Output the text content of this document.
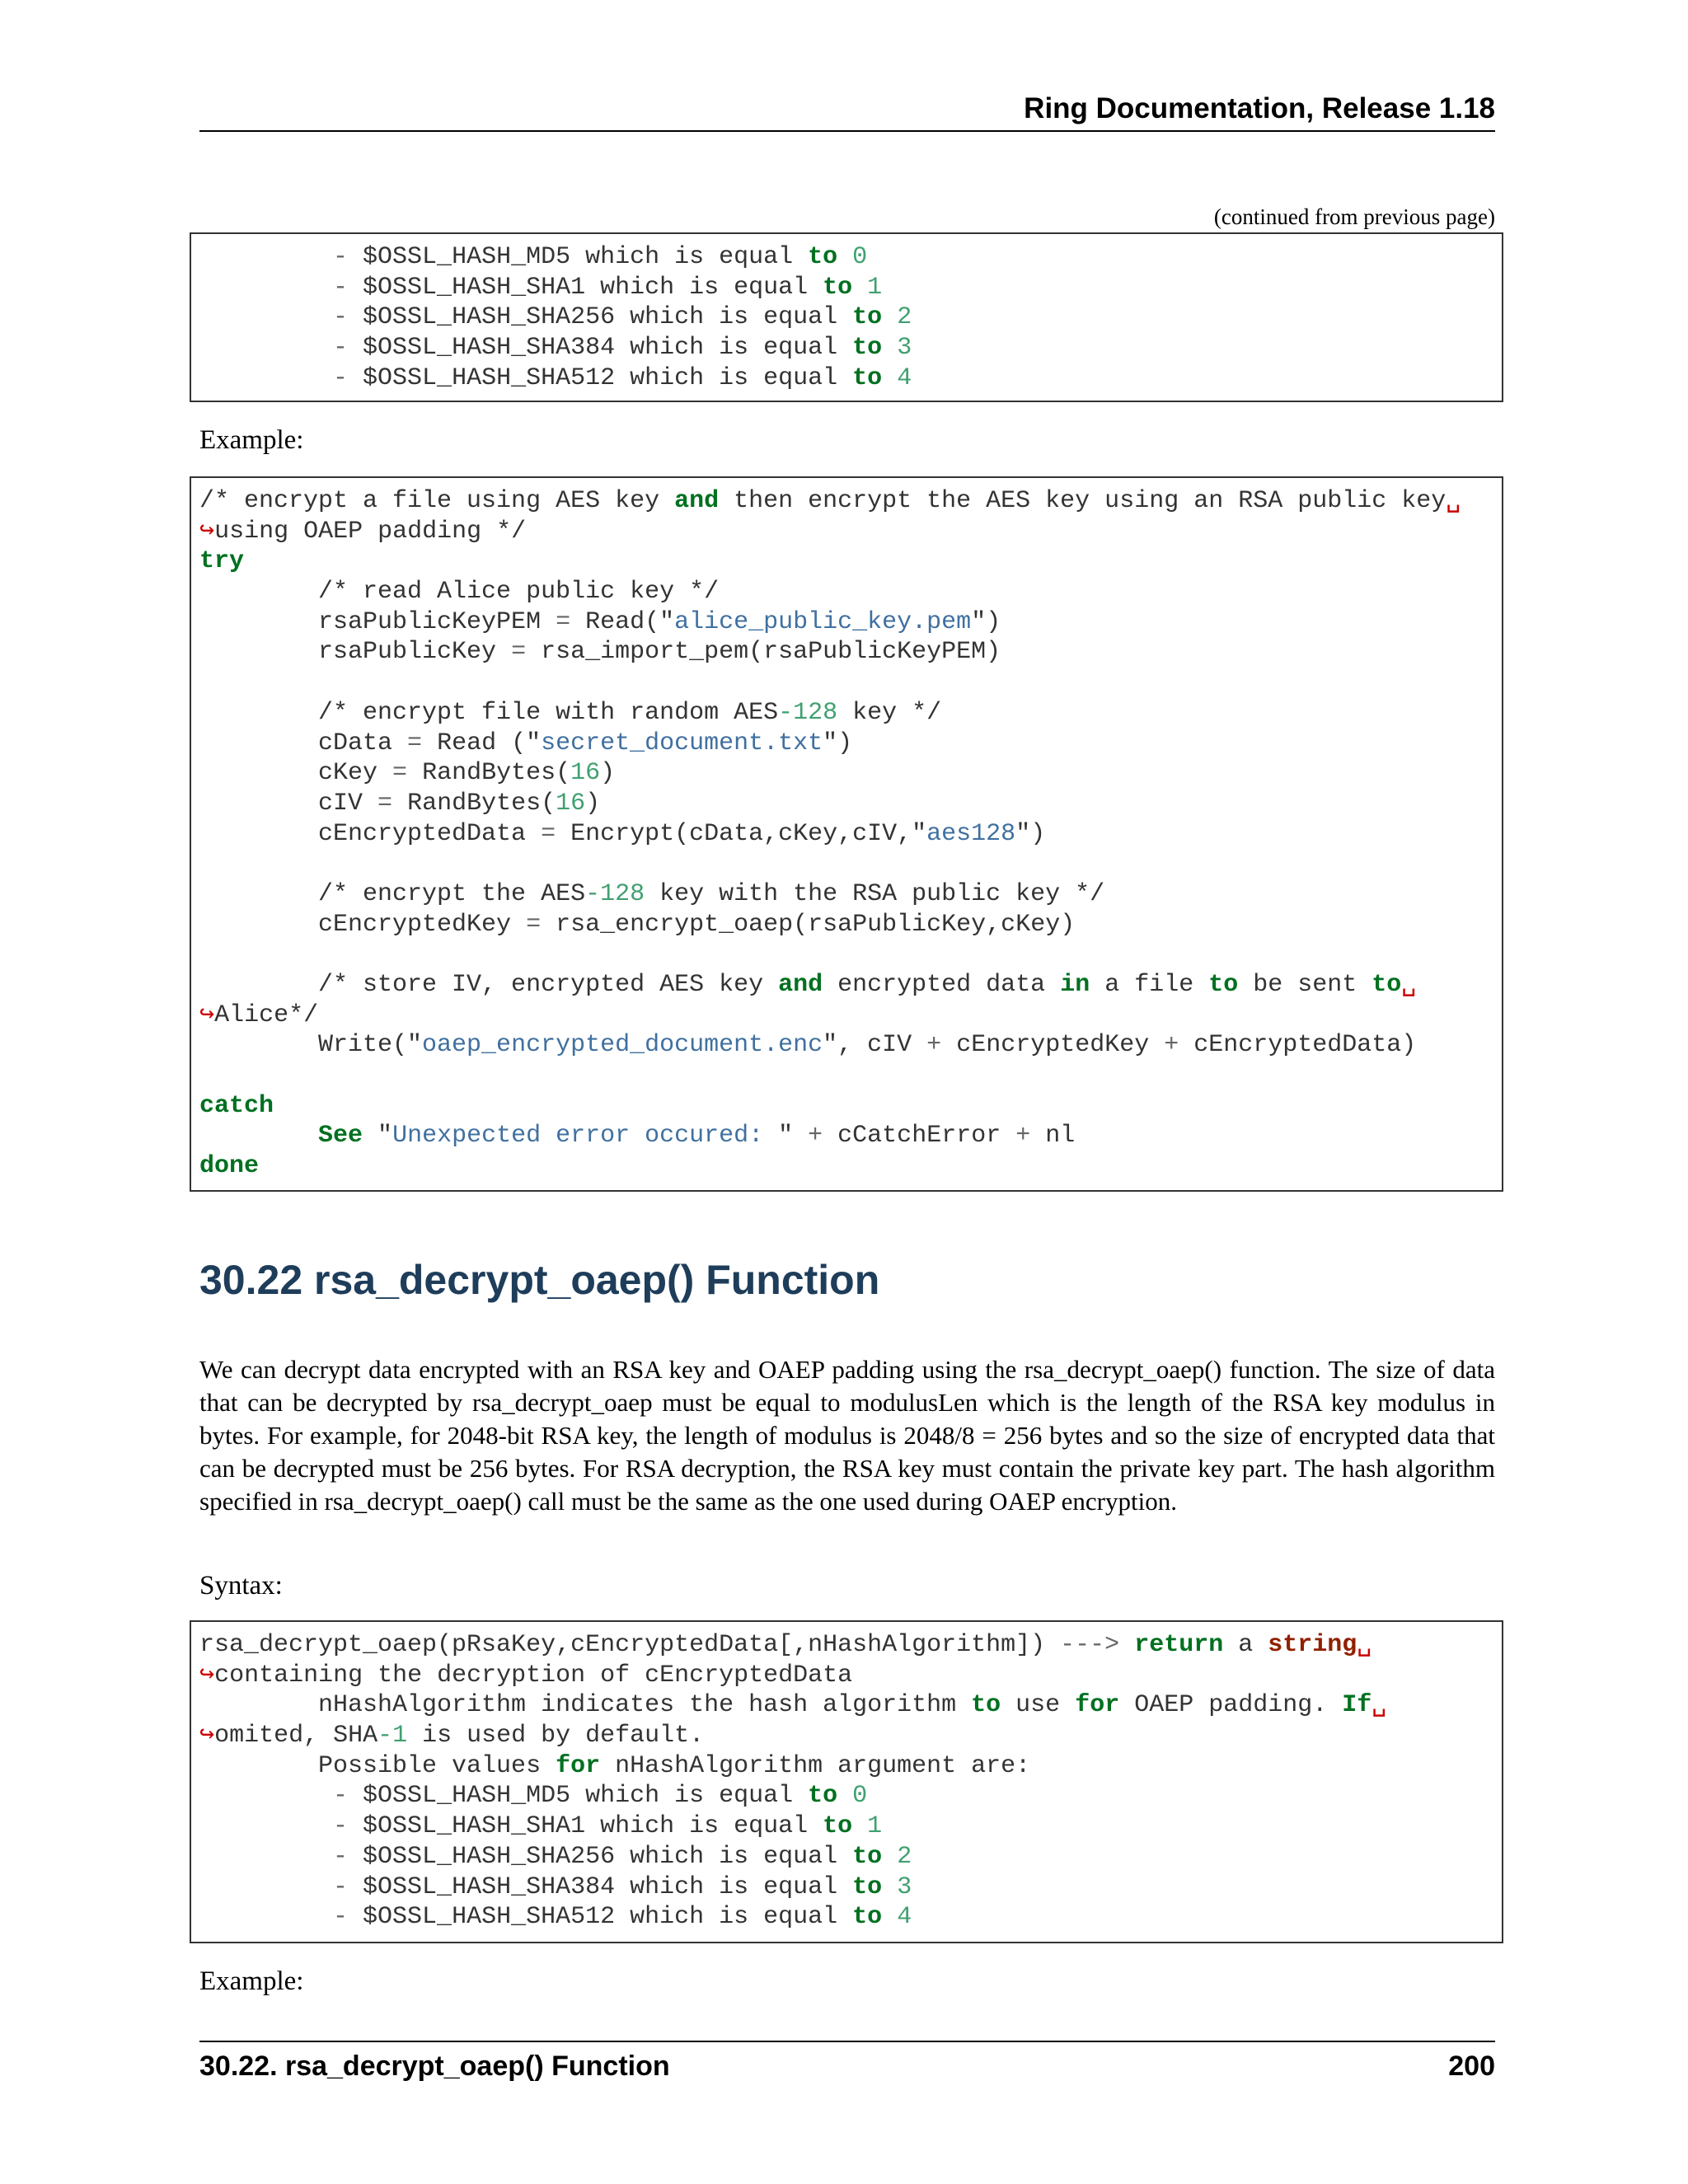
Ring Documentation, Release 1.18
(continued from previous page)
- $OSSL_HASH_MD5 which is equal to 0
- $OSSL_HASH_SHA1 which is equal to 1
- $OSSL_HASH_SHA256 which is equal to 2
- $OSSL_HASH_SHA384 which is equal to 3
- $OSSL_HASH_SHA512 which is equal to 4
Example:
/* encrypt a file using AES key and then encrypt the AES key using an RSA public key␣
↪using OAEP padding */
try
/* read Alice public key */
rsaPublicKeyPEM = Read("alice_public_key.pem")
rsaPublicKey = rsa_import_pem(rsaPublicKeyPEM)
/* encrypt file with random AES-128 key */
cData = Read ("secret_document.txt")
cKey = RandBytes(16)
cIV = RandBytes(16)
cEncryptedData = Encrypt(cData,cKey,cIV,"aes128")
/* encrypt the AES-128 key with the RSA public key */
cEncryptedKey = rsa_encrypt_oaep(rsaPublicKey,cKey)
/* store IV, encrypted AES key and encrypted data in a file to be sent to␣
↪Alice*/
Write("oaep_encrypted_document.enc", cIV + cEncryptedKey + cEncryptedData)
catch
See "Unexpected error occured: " + cCatchError + nl
done
30.22 rsa_decrypt_oaep() Function
We can decrypt data encrypted with an RSA key and OAEP padding using the rsa_decrypt_oaep() function. The size of data that can be decrypted by rsa_decrypt_oaep must be equal to modulusLen which is the length of the RSA key modulus in bytes. For example, for 2048-bit RSA key, the length of modulus is 2048/8 = 256 bytes and so the size of encrypted data that can be decrypted must be 256 bytes. For RSA decryption, the RSA key must contain the private key part. The hash algorithm specified in rsa_decrypt_oaep() call must be the same as the one used during OAEP encryption.
Syntax:
rsa_decrypt_oaep(pRsaKey,cEncryptedData[,nHashAlgorithm]) ---> return a string␣
↪containing the decryption of cEncryptedData
nHashAlgorithm indicates the hash algorithm to use for OAEP padding. If␣
↪omited, SHA-1 is used by default.
Possible values for nHashAlgorithm argument are:
- $OSSL_HASH_MD5 which is equal to 0
- $OSSL_HASH_SHA1 which is equal to 1
- $OSSL_HASH_SHA256 which is equal to 2
- $OSSL_HASH_SHA384 which is equal to 3
- $OSSL_HASH_SHA512 which is equal to 4
Example:
30.22. rsa_decrypt_oaep() Function	200
